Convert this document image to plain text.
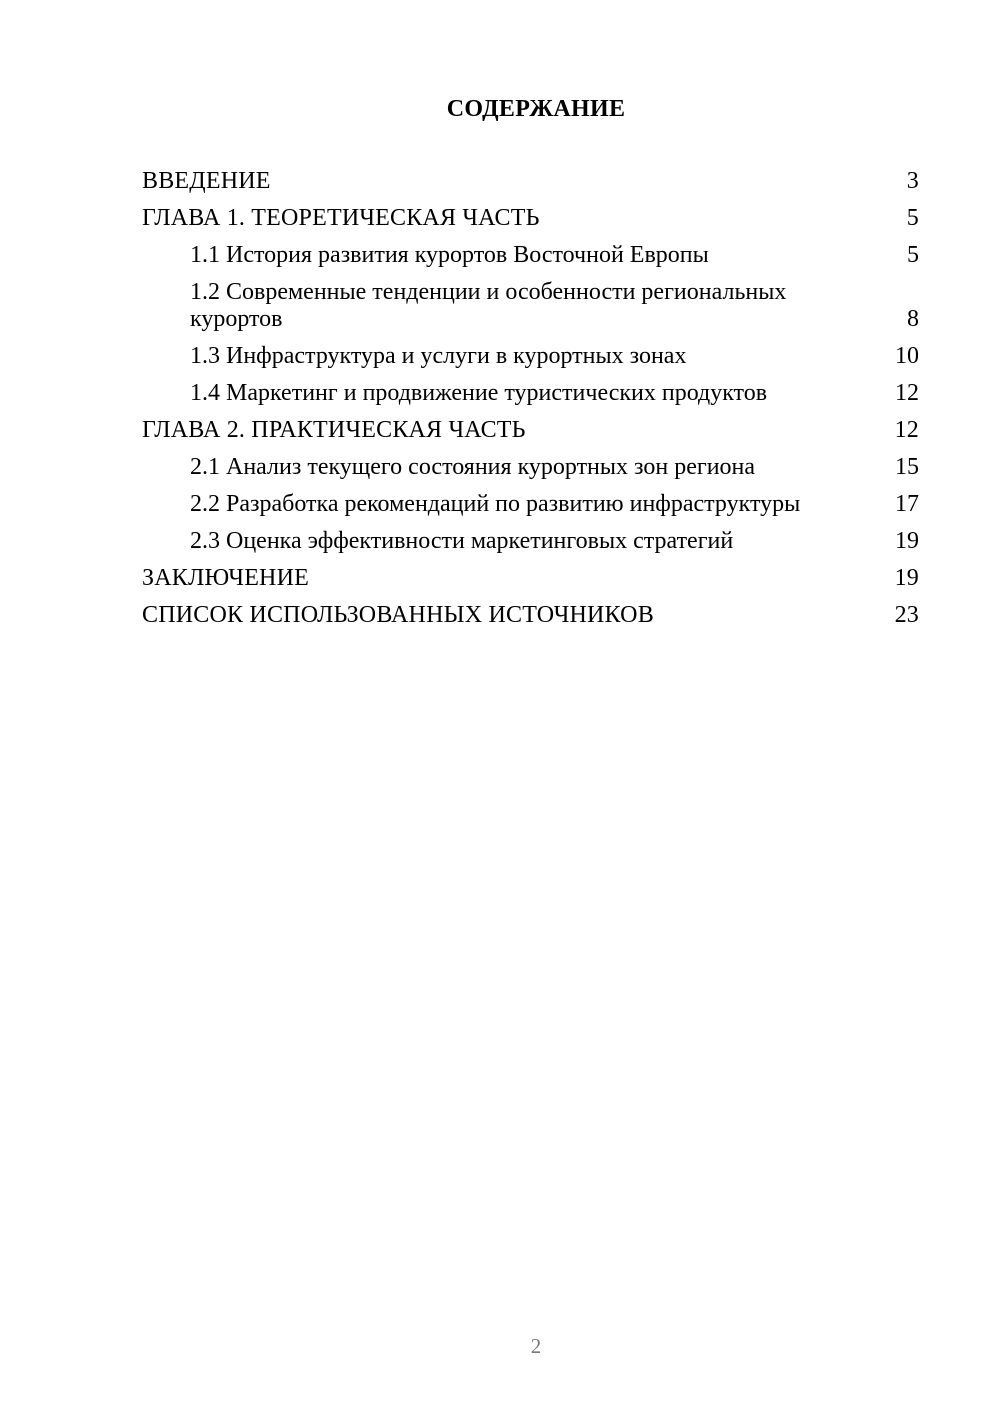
СОДЕРЖАНИЕ
ВВЕДЕНИЕ	3
ГЛАВА 1. ТЕОРЕТИЧЕСКАЯ ЧАСТЬ	5
1.1 История развития курортов Восточной Европы	5
1.2 Современные тенденции и особенности региональных курортов	8
1.3 Инфраструктура и услуги в курортных зонах	10
1.4 Маркетинг и продвижение туристических продуктов	12
ГЛАВА 2. ПРАКТИЧЕСКАЯ ЧАСТЬ	12
2.1 Анализ текущего состояния курортных зон региона	15
2.2 Разработка рекомендаций по развитию инфраструктуры	17
2.3 Оценка эффективности маркетинговых стратегий	19
ЗАКЛЮЧЕНИЕ	19
СПИСОК ИСПОЛЬЗОВАННЫХ ИСТОЧНИКОВ	23
2
